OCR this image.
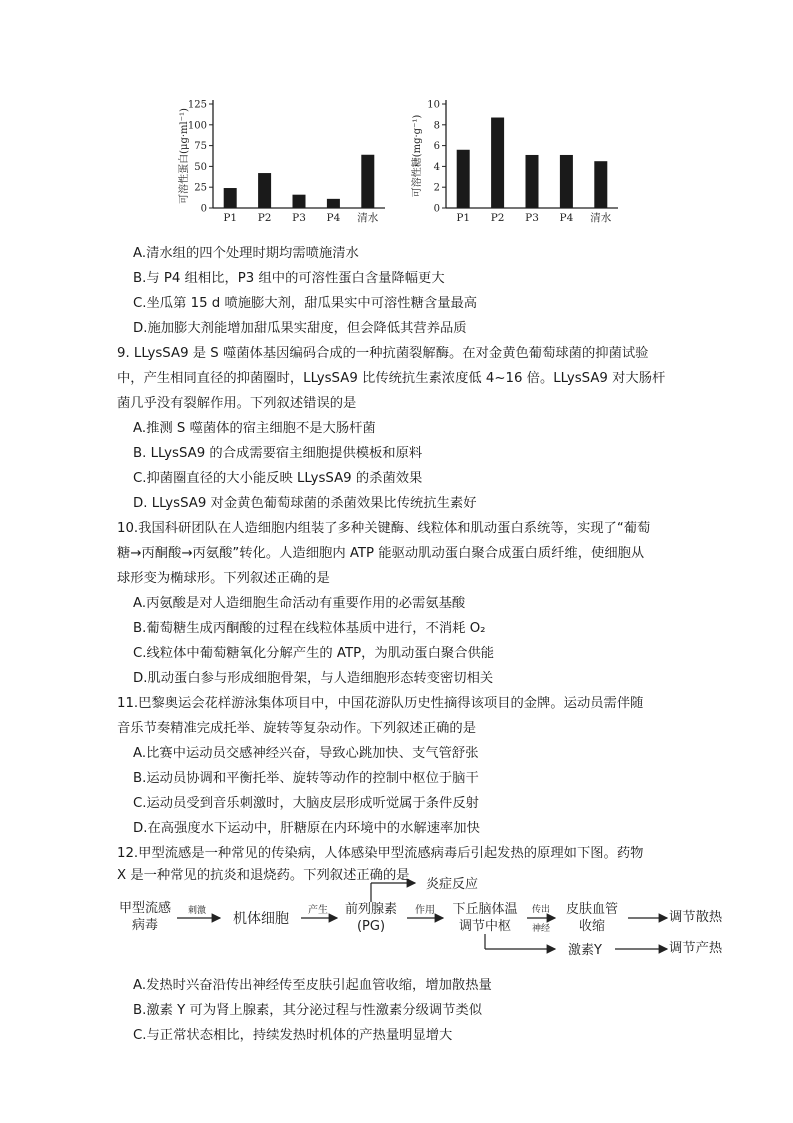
0
25
50
75
100
125
可溶性蛋白(μg·ml⁻¹)
P1 P2 P3 P4 清水
0
2
4
6
8
10
可溶性糖(mg·g⁻¹)
P1 P2 P3 P4 清水
A.清水组的四个处理时期均需喷施清水
B.与 P4 组相比，P3 组中的可溶性蛋白含量降幅更大
C.坐瓜第 15 d 喷施膨大剂，甜瓜果实中可溶性糖含量最高
D.施加膨大剂能增加甜瓜果实甜度，但会降低其营养品质
9. LLysSA9 是 S 噬菌体基因编码合成的一种抗菌裂解酶。在对金黄色葡萄球菌的抑菌试验
中，产生相同直径的抑菌圈时，LLysSA9 比传统抗生素浓度低 4~16 倍。LLysSA9 对大肠杆
菌几乎没有裂解作用。下列叙述错误的是
A.推测 S 噬菌体的宿主细胞不是大肠杆菌
B. LLysSA9 的合成需要宿主细胞提供模板和原料
C.抑菌圈直径的大小能反映 LLysSA9 的杀菌效果
D. LLysSA9 对金黄色葡萄球菌的杀菌效果比传统抗生素好
10.我国科研团队在人造细胞内组装了多种关键酶、线粒体和肌动蛋白系统等，实现了“葡萄
糖→丙酮酸→丙氨酸”转化。人造细胞内 ATP 能驱动肌动蛋白聚合成蛋白质纤维，使细胞从
球形变为椭球形。下列叙述正确的是
A.丙氨酸是对人造细胞生命活动有重要作用的必需氨基酸
B.葡萄糖生成丙酮酸的过程在线粒体基质中进行，不消耗 O₂
C.线粒体中葡萄糖氧化分解产生的 ATP，为肌动蛋白聚合供能
D.肌动蛋白参与形成细胞骨架，与人造细胞形态转变密切相关
11.巴黎奥运会花样游泳集体项目中，中国花游队历史性摘得该项目的金牌。运动员需伴随
音乐节奏精准完成托举、旋转等复杂动作。下列叙述正确的是
A.比赛中运动员交感神经兴奋，导致心跳加快、支气管舒张
B.运动员协调和平衡托举、旋转等动作的控制中枢位于脑干
C.运动员受到音乐刺激时，大脑皮层形成听觉属于条件反射
D.在高强度水下运动中，肝糖原在内环境中的水解速率加快
12.甲型流感是一种常见的传染病，人体感染甲型流感病毒后引起发热的原理如下图。药物
X 是一种常见的抗炎和退烧药。下列叙述正确的是
甲型流感
病毒
刺激 机体细胞
产生 前列腺素
(PG)
作用
炎症反应
下丘脑体温
调节中枢
传出
神经
皮肤血管
收缩
激素Y
调节散热
调节产热
A.发热时兴奋沿传出神经传至皮肤引起血管收缩，增加散热量
B.激素 Y 可为肾上腺素，其分泌过程与性激素分级调节类似
C.与正常状态相比，持续发热时机体的产热量明显增大
